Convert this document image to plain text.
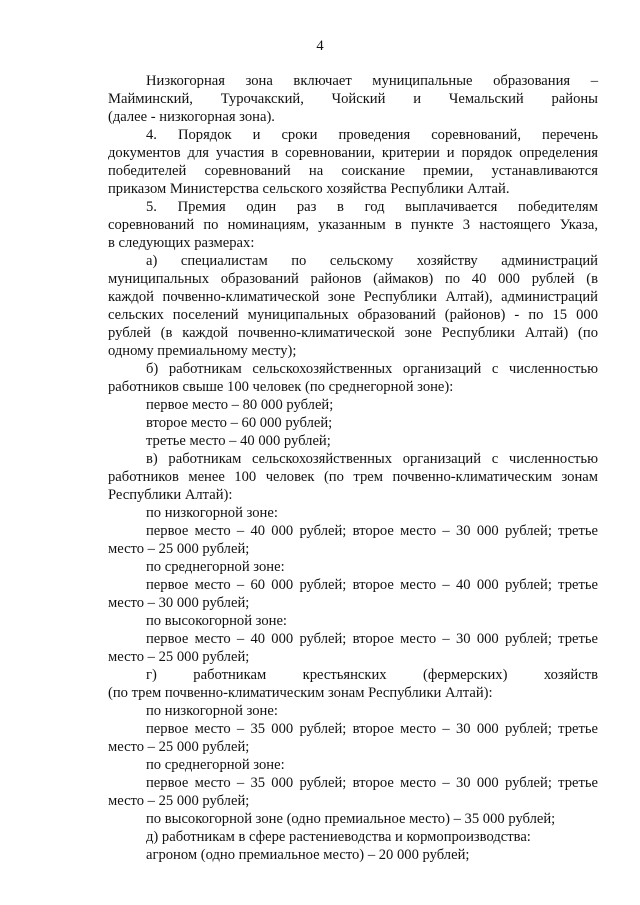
4
Низкогорная зона включает муниципальные образования –
Майминский, Турочакский, Чойский и Чемальский районы
(далее - низкогорная зона).
4. Порядок и сроки проведения соревнований, перечень
документов для участия в соревновании, критерии и порядок определения
победителей соревнований на соискание премии, устанавливаются
приказом Министерства сельского хозяйства Республики Алтай.
5. Премия один раз в год выплачивается победителям
соревнований по номинациям, указанным в пункте 3 настоящего Указа,
в следующих размерах:
а) специалистам по сельскому хозяйству администраций
муниципальных образований районов (аймаков) по 40 000 рублей (в
каждой почвенно-климатической зоне Республики Алтай), администраций
сельских поселений муниципальных образований (районов) - по 15 000
рублей (в каждой почвенно-климатической зоне Республики Алтай) (по
одному премиальному месту);
б) работникам сельскохозяйственных организаций с численностью
работников свыше 100 человек (по среднегорной зоне):
первое место – 80 000 рублей;
второе место – 60 000 рублей;
третье место – 40 000 рублей;
в) работникам сельскохозяйственных организаций с численностью
работников менее 100 человек (по трем почвенно-климатическим зонам
Республики Алтай):
по низкогорной зоне:
первое место – 40 000 рублей; второе место – 30 000 рублей; третье
место – 25 000 рублей;
по среднегорной зоне:
первое место – 60 000 рублей; второе место – 40 000 рублей; третье
место – 30 000 рублей;
по высокогорной зоне:
первое место – 40 000 рублей; второе место – 30 000 рублей; третье
место – 25 000 рублей;
г) работникам крестьянских (фермерских) хозяйств
(по трем почвенно-климатическим зонам Республики Алтай):
по низкогорной зоне:
первое место – 35 000 рублей; второе место – 30 000 рублей; третье
место – 25 000 рублей;
по среднегорной зоне:
первое место – 35 000 рублей; второе место – 30 000 рублей; третье
место – 25 000 рублей;
по высокогорной зоне (одно премиальное место) – 35 000 рублей;
д) работникам в сфере растениеводства и кормопроизводства:
агроном (одно премиальное место) – 20 000 рублей;
